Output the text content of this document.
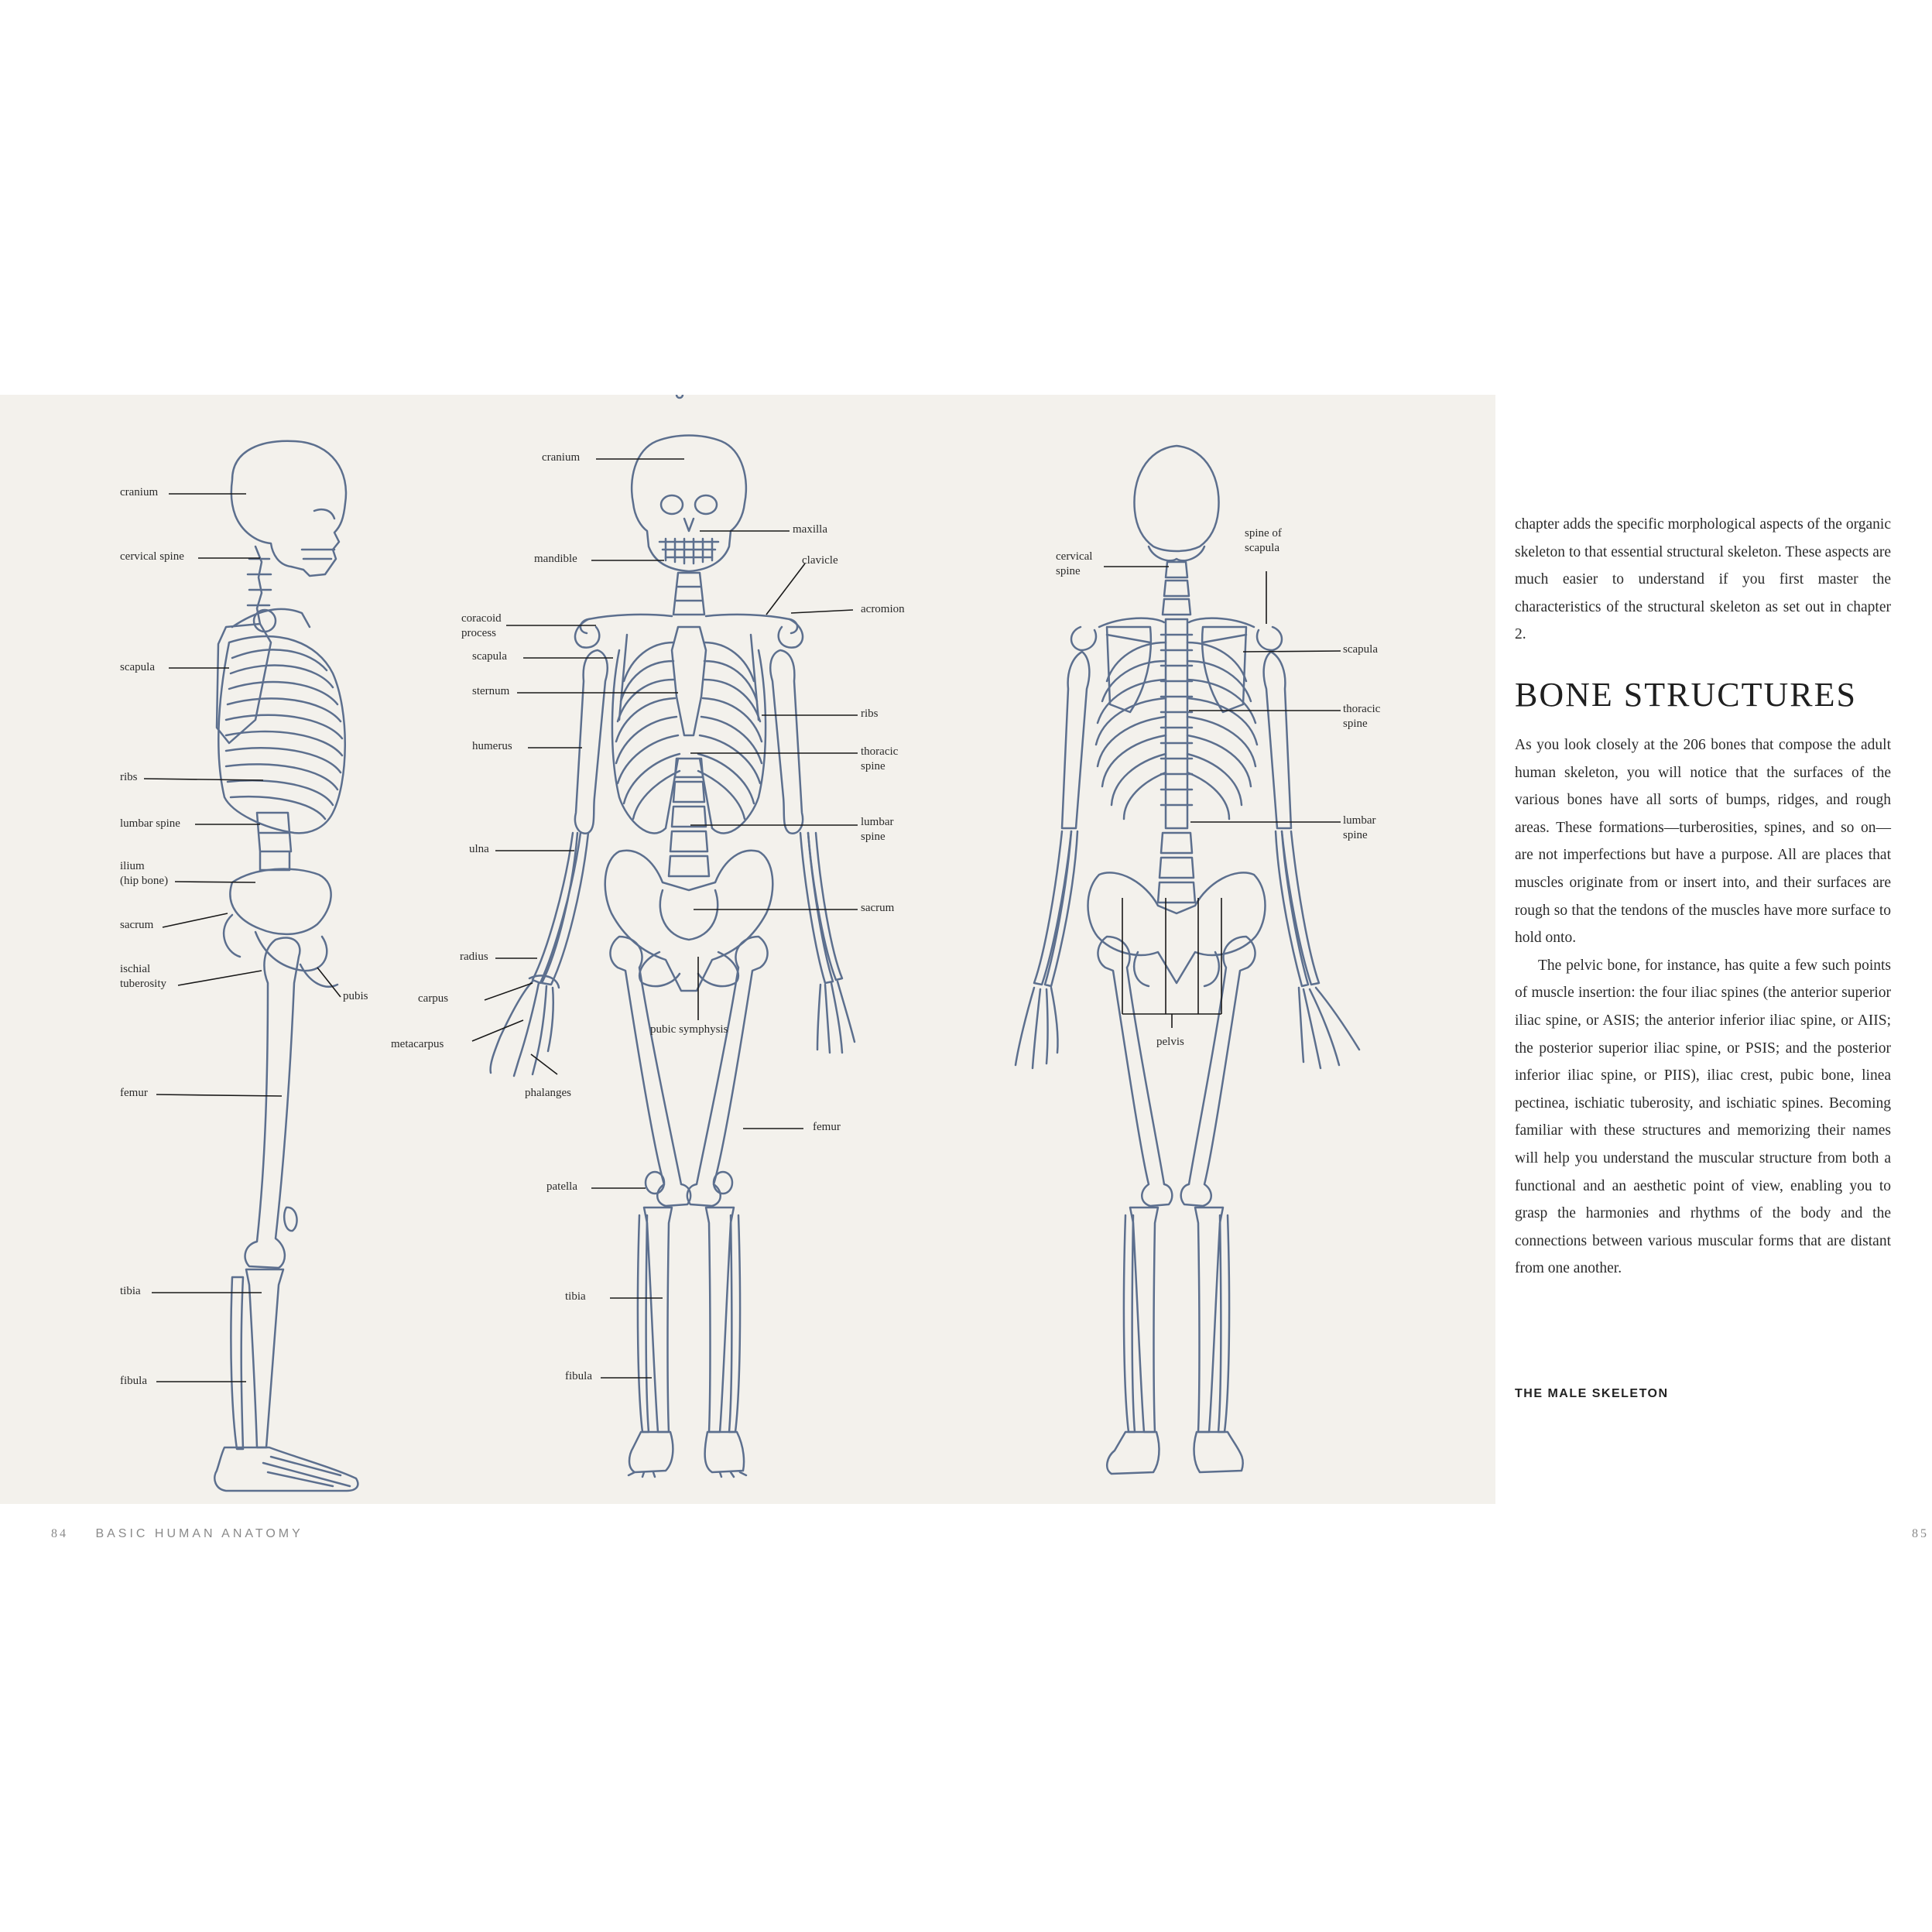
cranium
cervical spine
scapula
ribs
lumbar spine
ilium
(hip bone)
sacrum
ischial
tuberosity
pubis
femur
tibia
fibula
cranium
maxilla
mandible	clavicle
acromion
coracoid
process
scapula
sternum
ribs
humerus	thoracic
spine
lumbar
spine
ulna
sacrum
radius
carpus
pubic symphysis
metacarpus
phalanges
femur
patella
tibia
fibula
cervical
spine
spine of
scapula
scapula
thoracic
spine
lumbar
spine
pelvis

chapter adds the specific morphological aspects of the organic skeleton to that essential structural skeleton. These aspects are much easier to understand if you first master the characteristics of the structural skeleton as set out in chapter 2.

BONE STRUCTURES

As you look closely at the 206 bones that compose the adult human skeleton, you will notice that the surfaces of the various bones have all sorts of bumps, ridges, and rough areas. These formations—turberosities, spines, and so on—are not imperfections but have a purpose. All are places that muscles originate from or insert into, and their surfaces are rough so that the tendons of the muscles have more surface to hold onto.

The pelvic bone, for instance, has quite a few such points of muscle insertion: the four iliac spines (the anterior superior iliac spine, or ASIS; the anterior inferior iliac spine, or AIIS; the posterior superior iliac spine, or PSIS; and the posterior inferior iliac spine, or PIIS), iliac crest, pubic bone, linea pectinea, ischiatic tuberosity, and ischiatic spines. Becoming familiar with these structures and memorizing their names will help you understand the muscular structure from both a functional and an aesthetic point of view, enabling you to grasp the harmonies and rhythms of the body and the connections between various muscular forms that are distant from one another.

THE MALE SKELETON
84 BASIC HUMAN ANATOMY	85
